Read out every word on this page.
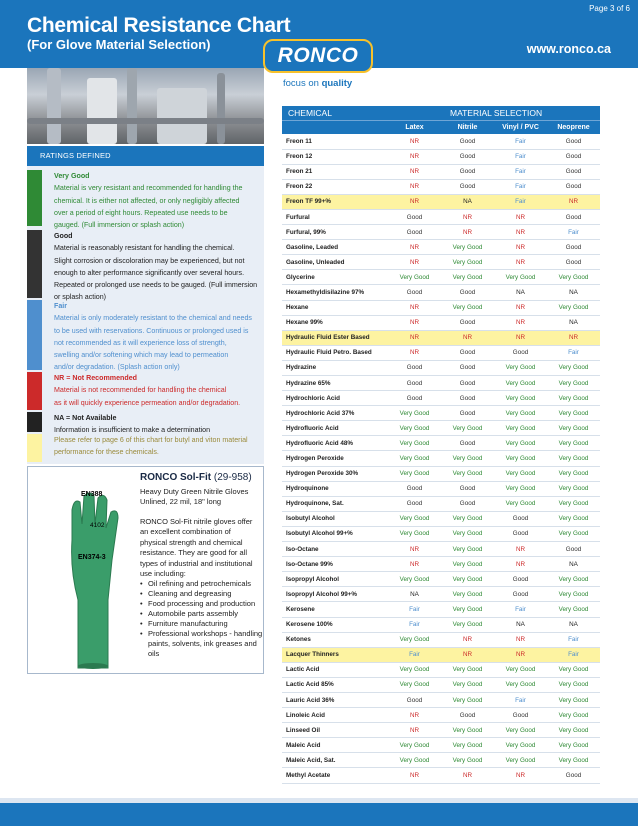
Page 3 of 6
Chemical Resistance Chart
(For Glove Material Selection)	www.ronco.ca
RONCO
focus on quality
RATINGS DEFINED
Very Good
Material is very resistant and recommended for handling the
chemical. It is either not affected, or only negligibly affected
over a period of eight hours. Repeated use needs to be
gauged. (Full immersion or splash action)
Good
Material is reasonably resistant for handling the chemical.
Slight corrosion or discoloration may be experienced, but not
enough to alter performance significantly over several hours.
Repeated or prolonged use needs to be gauged. (Full immersion
or splash action)
Fair
Material is only moderately resistant to the chemical and needs
to be used with reservations. Continuous or prolonged used is
not recommended as it will experience loss of strength,
swelling and/or softening which may lead to permeation
and/or degradation. (Splash action only)
NR = Not Recommended
Material is not recommended for handling the chemical
as it will quickly experience permeation and/or degradation.
NA = Not Available
Information is insufficient to make a determination
Please refer to page 6 of this chart for butyl and viton material
performance for these chemicals.
EN388
4102
EN374-3
RONCO Sol-Fit (29-958)
Heavy Duty Green Nitrile Gloves
Unlined, 22 mil, 18" long
RONCO Sol-Fit nitrile gloves offer
an excellent combination of
physical strength and chemical
resistance. They are good for all
types of industrial and institutional
use including:
• Oil refining and petrochemicals
• Cleaning and degreasing
• Food processing and production
• Automobile parts assembly
• Furniture manufacturing
• Professional workshops - handling paints, solvents, ink greases and oils
CHEMICAL	MATERIAL SELECTION
Latex	Nitrile	Vinyl / PVC	Neoprene
Freon 11	NR	Good	Fair	Good
Freon 12	NR	Good	Fair	Good
Freon 21	NR	Good	Fair	Good
Freon 22	NR	Good	Fair	Good
Freon TF 99+%	NR	NA	Fair	NR
Furfural	Good	NR	NR	Good
Furfural, 99%	Good	NR	NR	Fair
Gasoline, Leaded	NR	Very Good	NR	Good
Gasoline, Unleaded	NR	Very Good	NR	Good
Glycerine	Very Good	Very Good	Very Good	Very Good
Hexamethyldisilazine 97%	Good	Good	NA	NA
Hexane	NR	Very Good	NR	Very Good
Hexane 99%	NR	Good	NR	NA
Hydraulic Fluid Ester Based	NR	NR	NR	NR
Hydraulic Fluid Petro. Based	NR	Good	Good	Fair
Hydrazine	Good	Good	Very Good	Very Good
Hydrazine 65%	Good	Good	Very Good	Very Good
Hydrochloric Acid	Good	Good	Very Good	Very Good
Hydrochloric Acid 37%	Very Good	Good	Very Good	Very Good
Hydrofluoric Acid	Very Good	Very Good	Very Good	Very Good
Hydrofluoric Acid 48%	Very Good	Good	Very Good	Very Good
Hydrogen Peroxide	Very Good	Very Good	Very Good	Very Good
Hydrogen Peroxide 30%	Very Good	Very Good	Very Good	Very Good
Hydroquinone	Good	Good	Very Good	Very Good
Hydroquinone, Sat.	Good	Good	Very Good	Very Good
Isobutyl Alcohol	Very Good	Very Good	Good	Very Good
Isobutyl Alcohol 99+%	Very Good	Very Good	Good	Very Good
Iso-Octane	NR	Very Good	NR	Good
Iso-Octane 99%	NR	Very Good	NR	NA
Isopropyl Alcohol	Very Good	Very Good	Good	Very Good
Isopropyl Alcohol 99+%	NA	Very Good	Good	Very Good
Kerosene	Fair	Very Good	Fair	Very Good
Kerosene 100%	Fair	Very Good	NA	NA
Ketones	Very Good	NR	NR	Fair
Lacquer Thinners	Fair	NR	NR	Fair
Lactic Acid	Very Good	Very Good	Very Good	Very Good
Lactic Acid 85%	Very Good	Very Good	Very Good	Very Good
Lauric Acid 36%	Good	Very Good	Fair	Very Good
Linoleic Acid	NR	Good	Good	Very Good
Linseed Oil	NR	Very Good	Very Good	Very Good
Maleic Acid	Very Good	Very Good	Very Good	Very Good
Maleic Acid, Sat.	Very Good	Very Good	Very Good	Very Good
Methyl Acetate	NR	NR	NR	Good
